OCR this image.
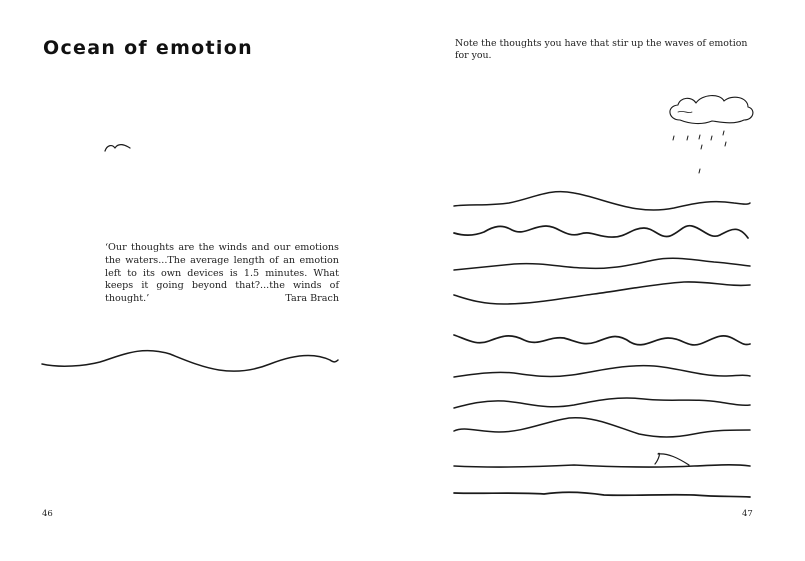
Ocean of emotion
‘Our thoughts are the winds and our emotions the waters...The average length of an emotion left to its own devices is 1.5 minutes. What keeps it going beyond that?...the winds of thought.’	Tara Brach
46
Note the thoughts you have that stir up the waves of emotion for you.
47
